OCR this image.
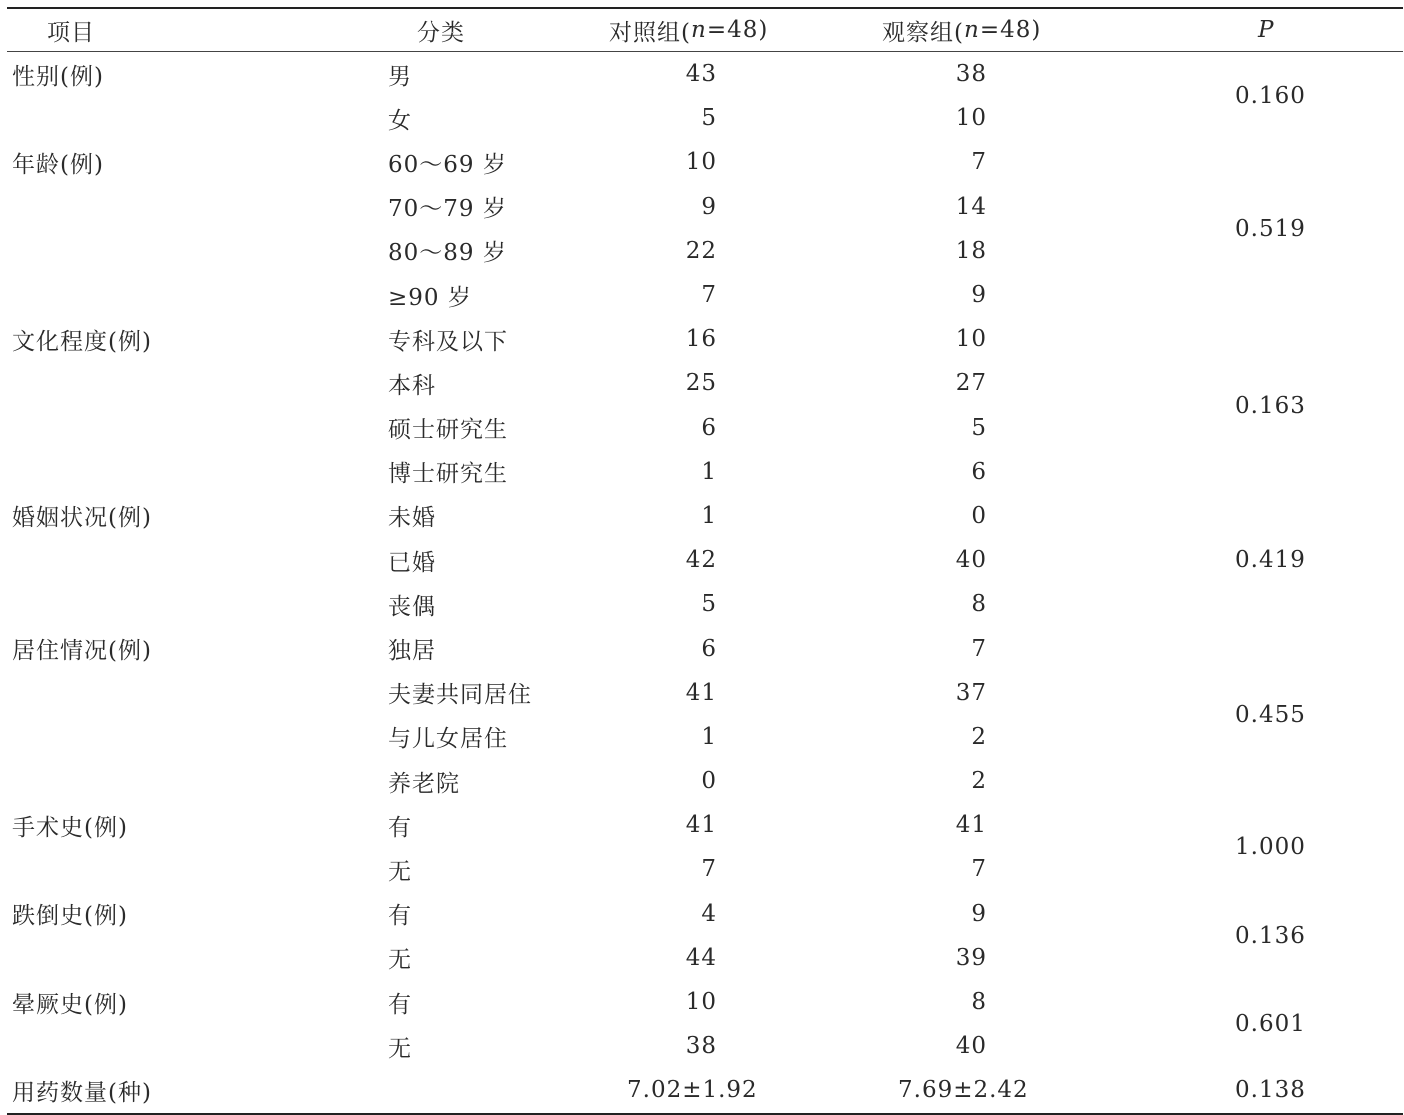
项目	分类	对照组( n =48)	观察组( n =48)	P
性别(例)	男	43	38
女	5	10
0.160
年龄(例)	60～69 岁	10	7
70～79 岁	9	14
80～89 岁	22	18
≥90 岁	7	9
0.519
文化程度(例)	专科及以下	16	10
本科	25	27
硕士研究生	6	5
博士研究生	1	6
0.163
婚姻状况(例)	未婚	1	0
已婚	42	40
丧偶	5	8
0.419
居住情况(例)	独居	6	7
夫妻共同居住	41	37
与儿女居住	1	2
养老院	0	2
0.455
手术史(例)	有	41	41
无	7	7
1.000
跌倒史(例)	有	4	9
无	44	39
0.136
晕厥史(例)	有	10	8
无	38	40
0.601
用药数量(种)	7.02±1.92	7.69±2.42	0.138
